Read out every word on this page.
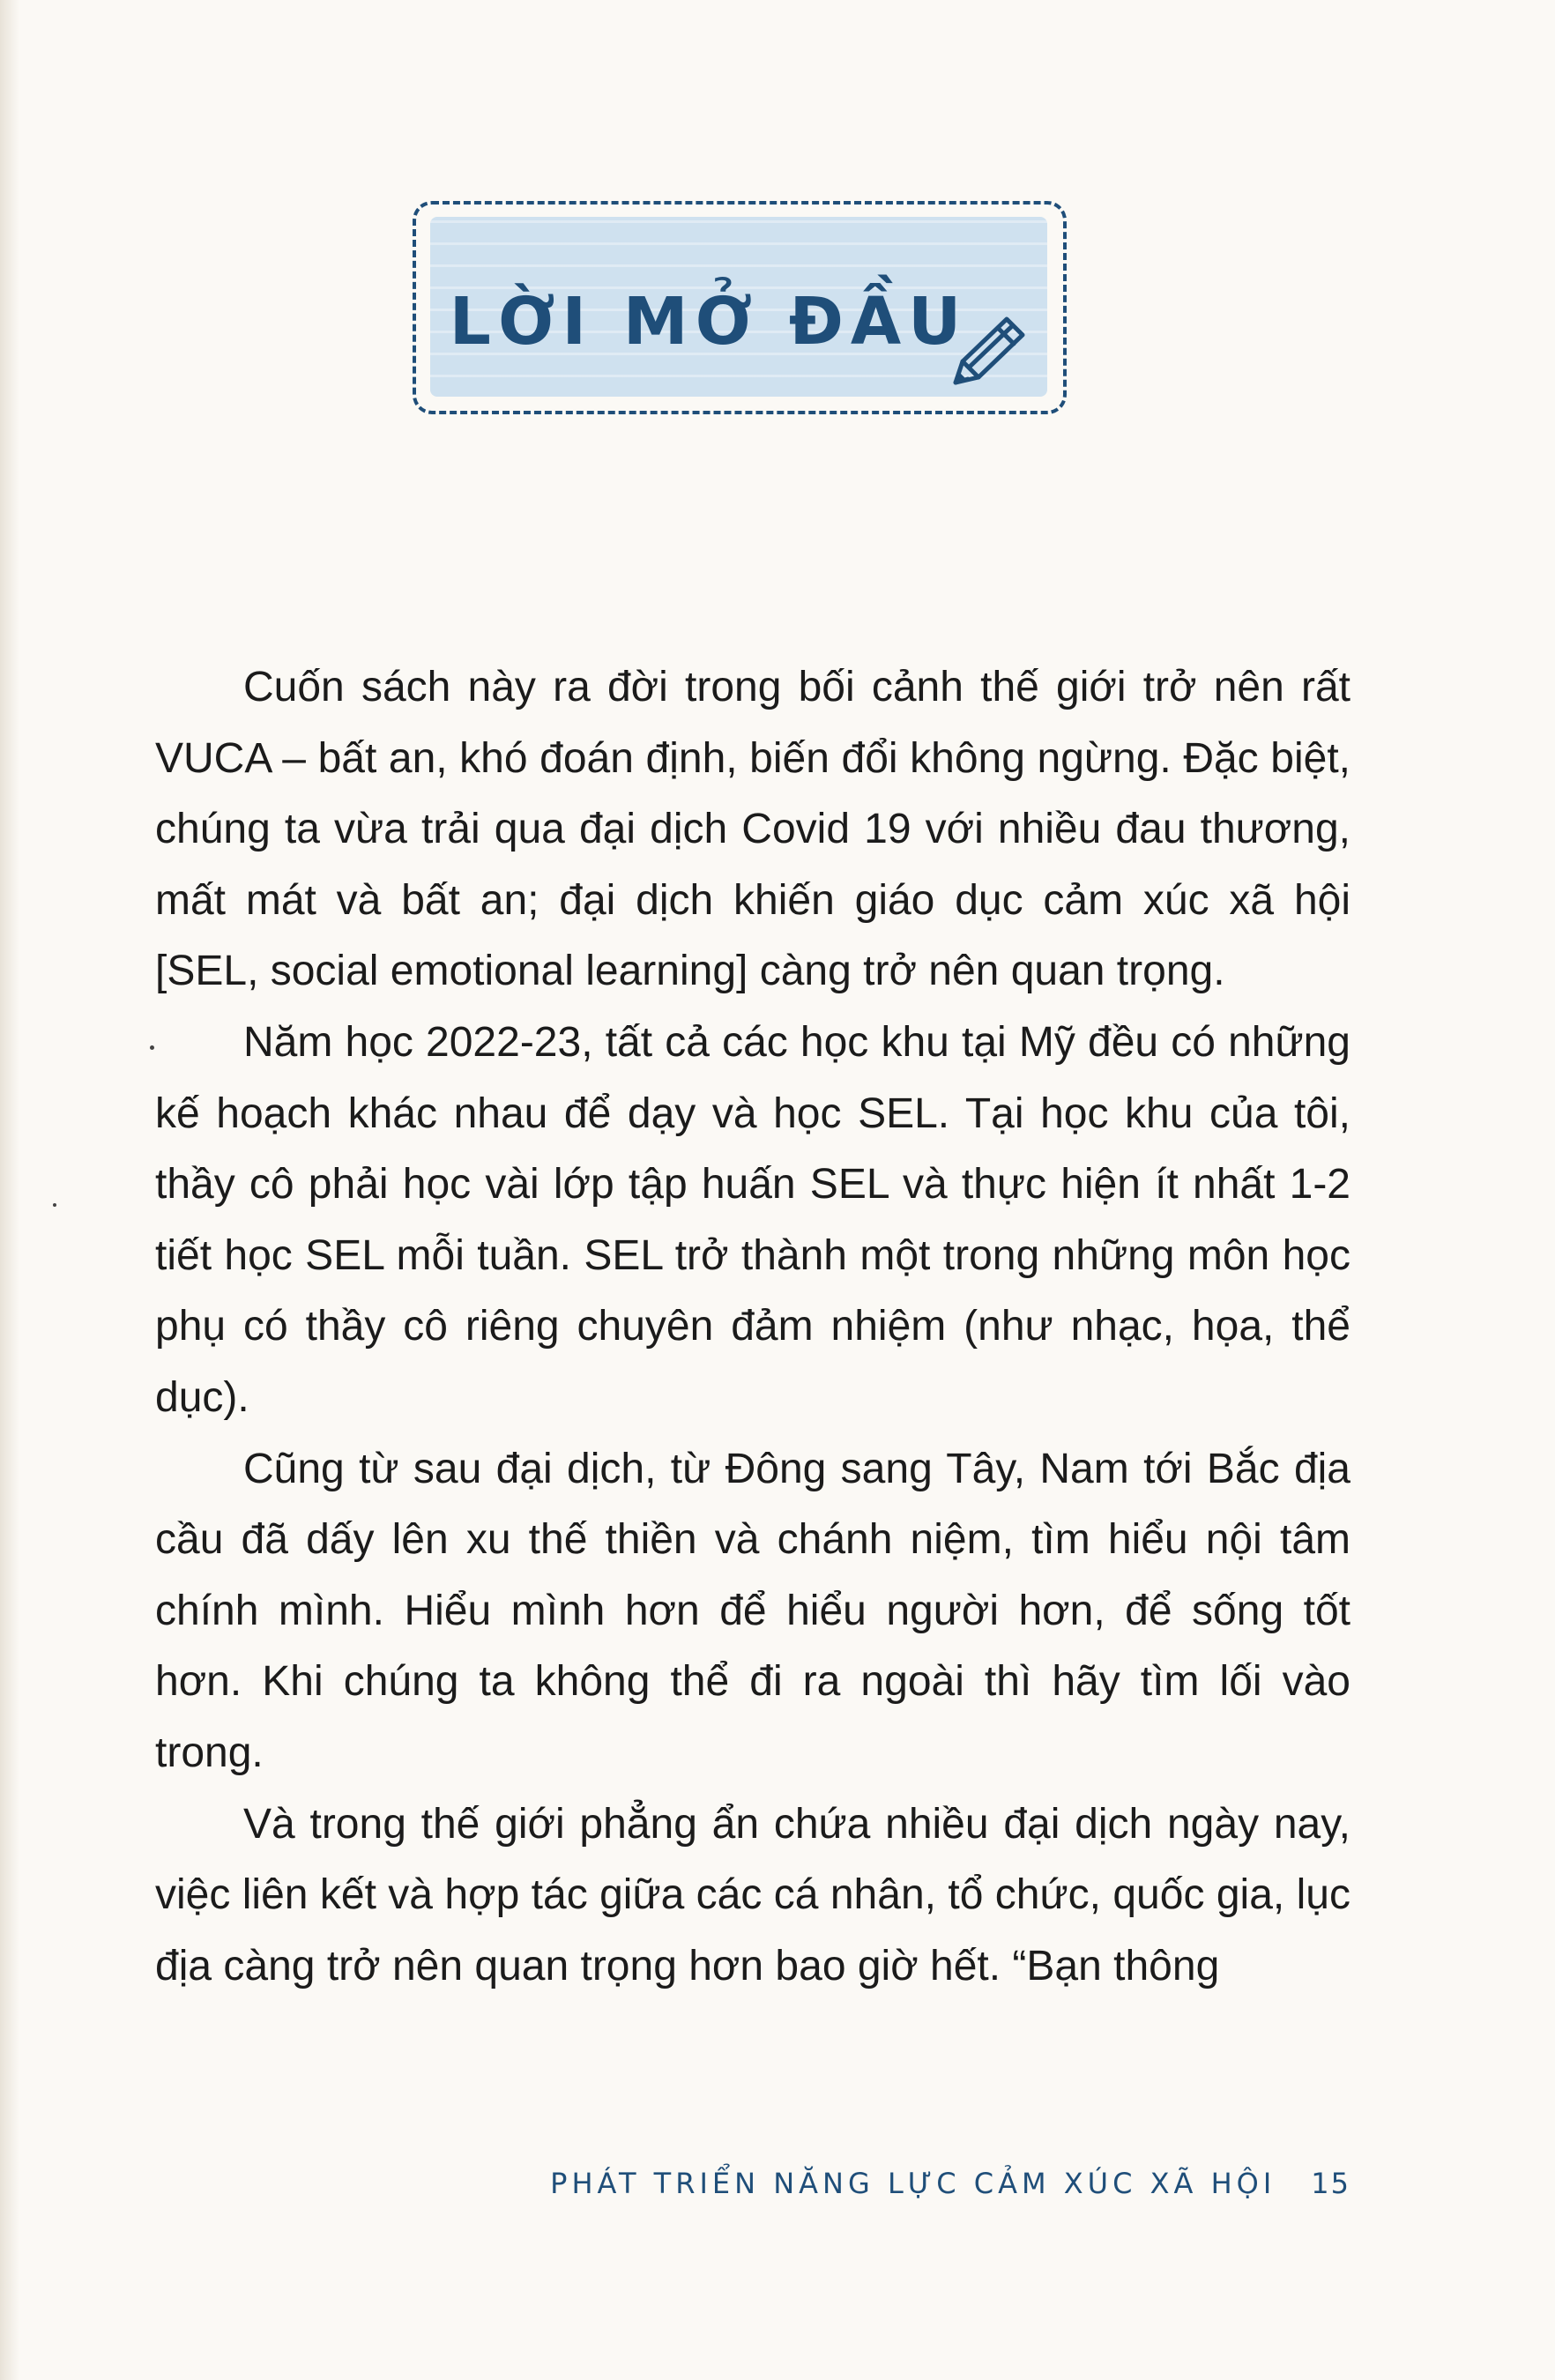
LỜI MỞ ĐẦU

Cuốn sách này ra đời trong bối cảnh thế giới trở nên rất VUCA – bất an, khó đoán định, biến đổi không ngừng. Đặc biệt, chúng ta vừa trải qua đại dịch Covid 19 với nhiều đau thương, mất mát và bất an; đại dịch khiến giáo dục cảm xúc xã hội [SEL, social emotional learning] càng trở nên quan trọng.

Năm học 2022-23, tất cả các học khu tại Mỹ đều có những kế hoạch khác nhau để dạy và học SEL. Tại học khu của tôi, thầy cô phải học vài lớp tập huấn SEL và thực hiện ít nhất 1-2 tiết học SEL mỗi tuần. SEL trở thành một trong những môn học phụ có thầy cô riêng chuyên đảm nhiệm (như nhạc, họa, thể dục).

Cũng từ sau đại dịch, từ Đông sang Tây, Nam tới Bắc địa cầu đã dấy lên xu thế thiền và chánh niệm, tìm hiểu nội tâm chính mình. Hiểu mình hơn để hiểu người hơn, để sống tốt hơn. Khi chúng ta không thể đi ra ngoài thì hãy tìm lối vào trong.

Và trong thế giới phẳng ẩn chứa nhiều đại dịch ngày nay, việc liên kết và hợp tác giữa các cá nhân, tổ chức, quốc gia, lục địa càng trở nên quan trọng hơn bao giờ hết. “Bạn thông

PHÁT TRIỂN NĂNG LỰC CẢM XÚC XÃ HỘI 15
